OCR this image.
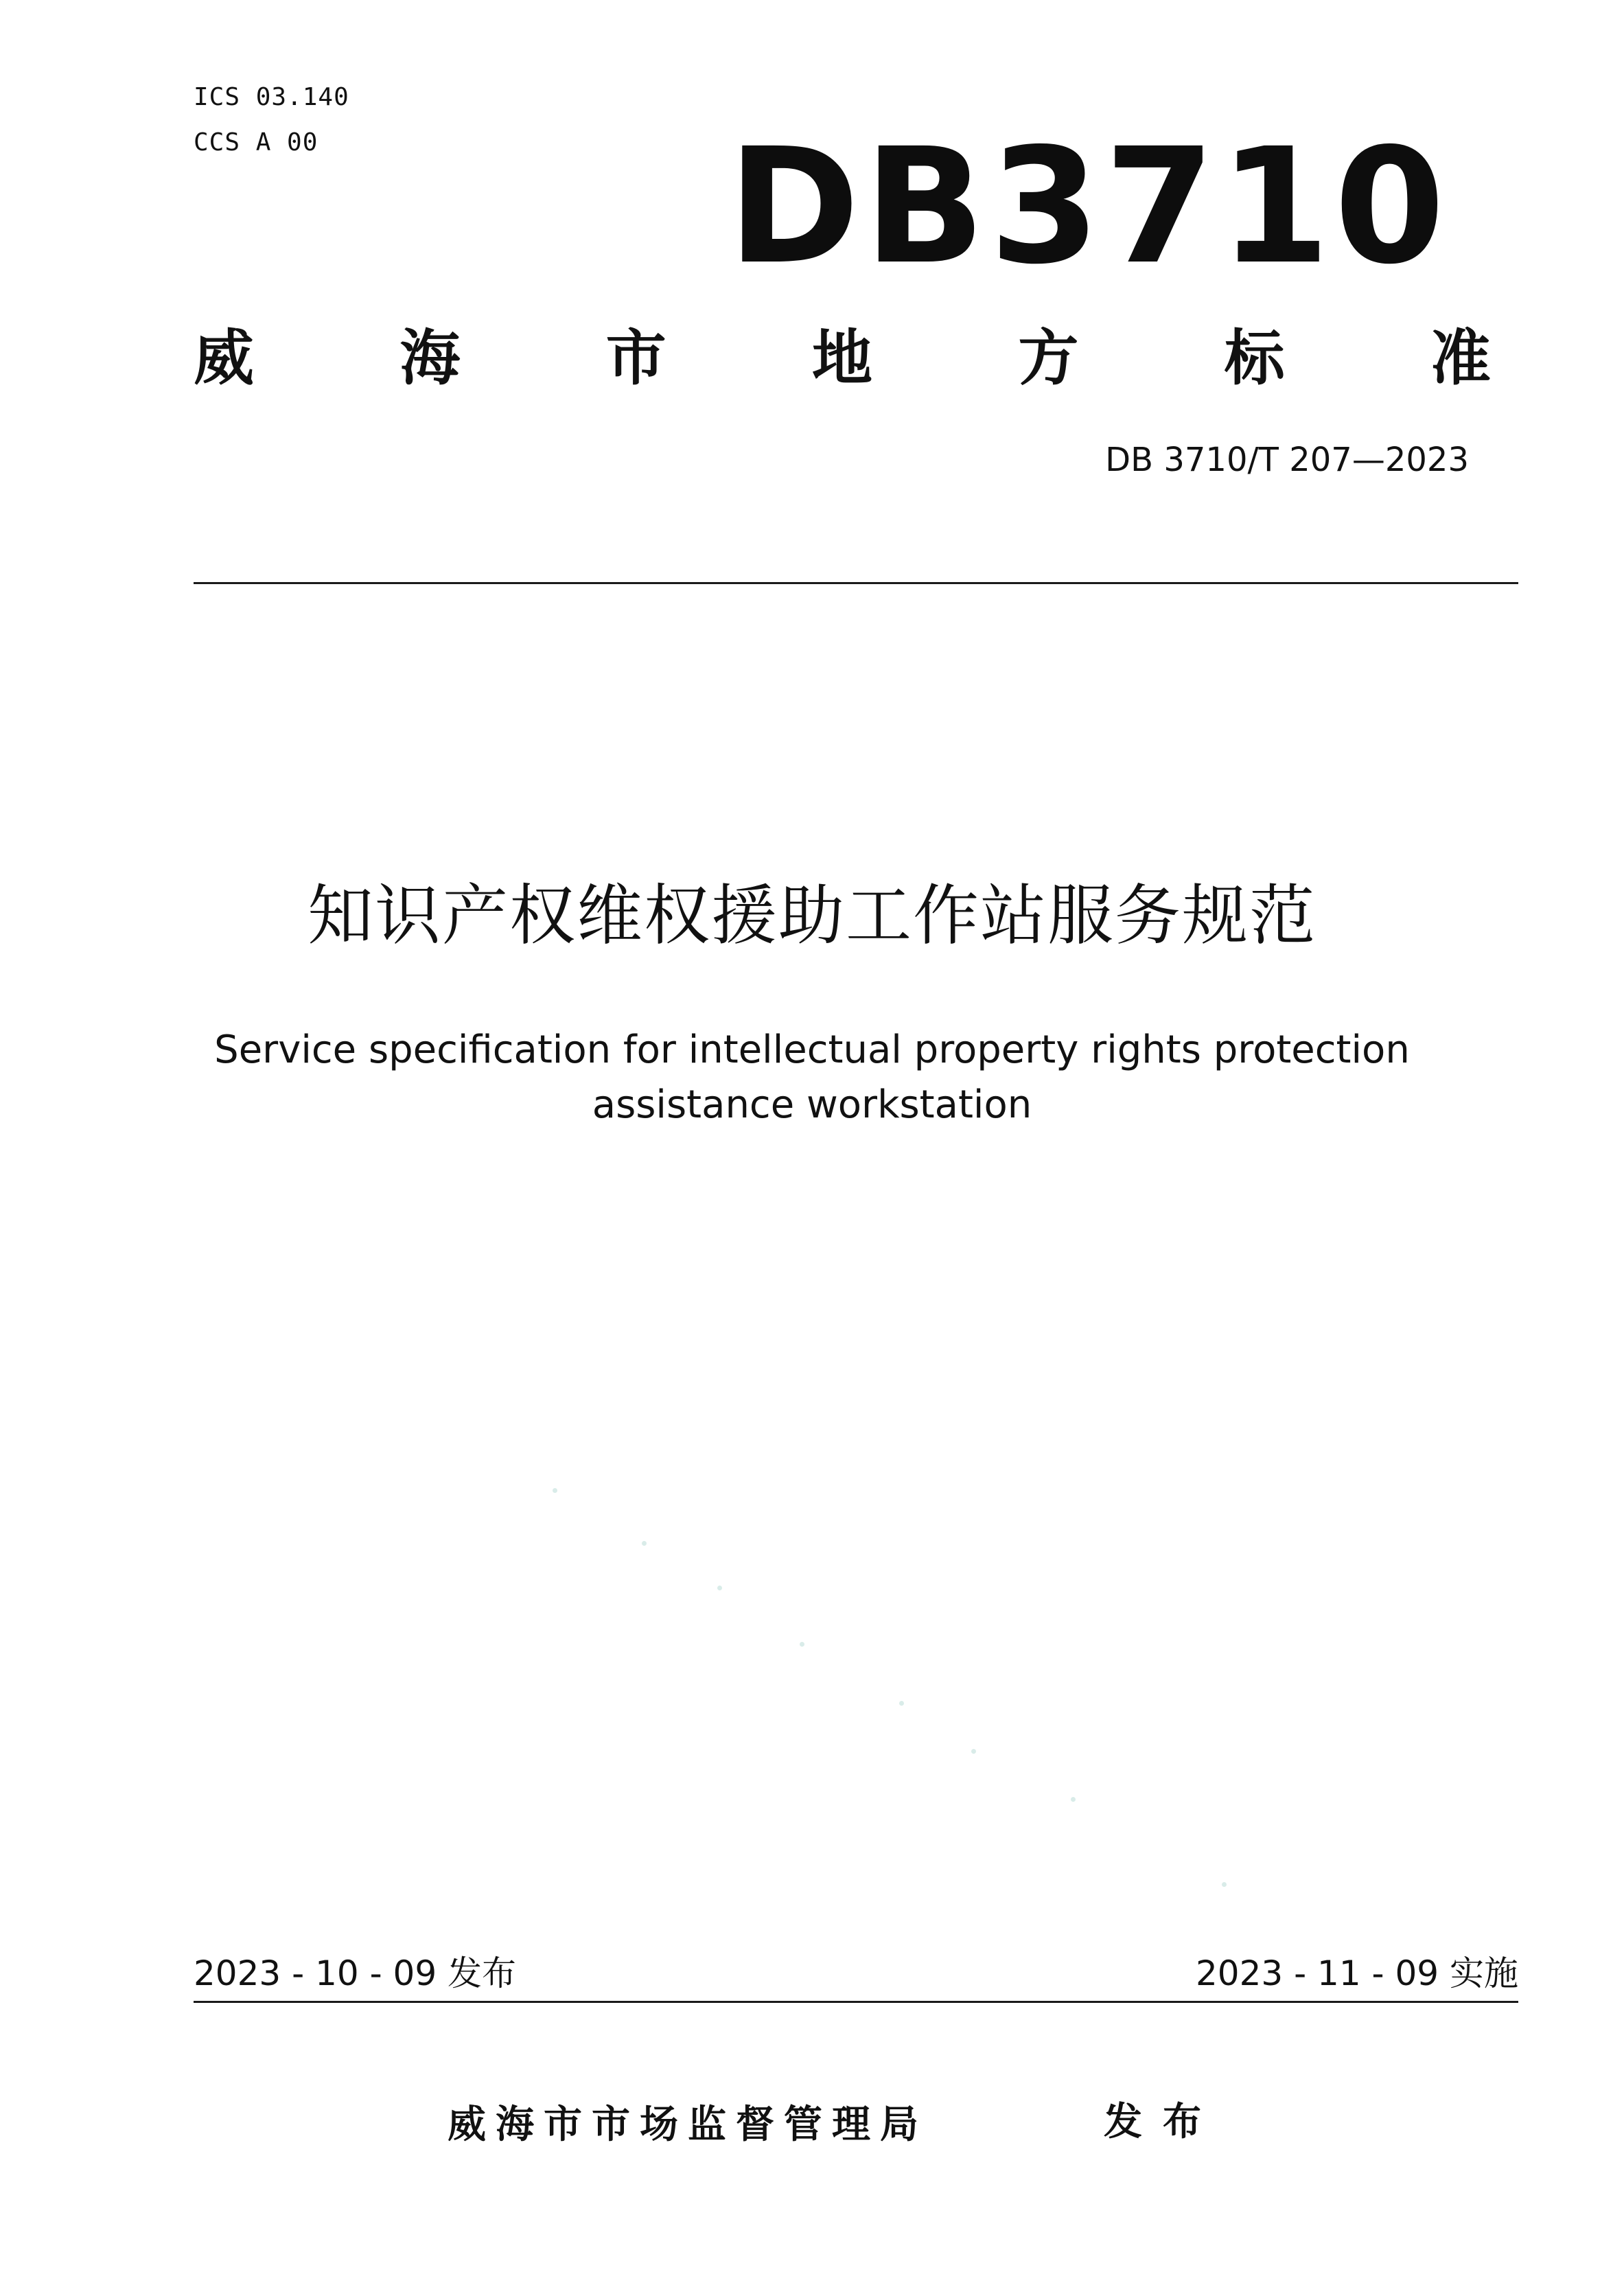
ICS 03.140
CCS A 00	DB3710
威 海 市 地 方 标 准
DB 3710/T 207—2023
知识产权维权援助工作站服务规范
Service specification for intellectual property rights protection
assistance workstation
2023 - 10 - 09 发布	2023 - 11 - 09 实施
威海市市场监督管理局	发布
